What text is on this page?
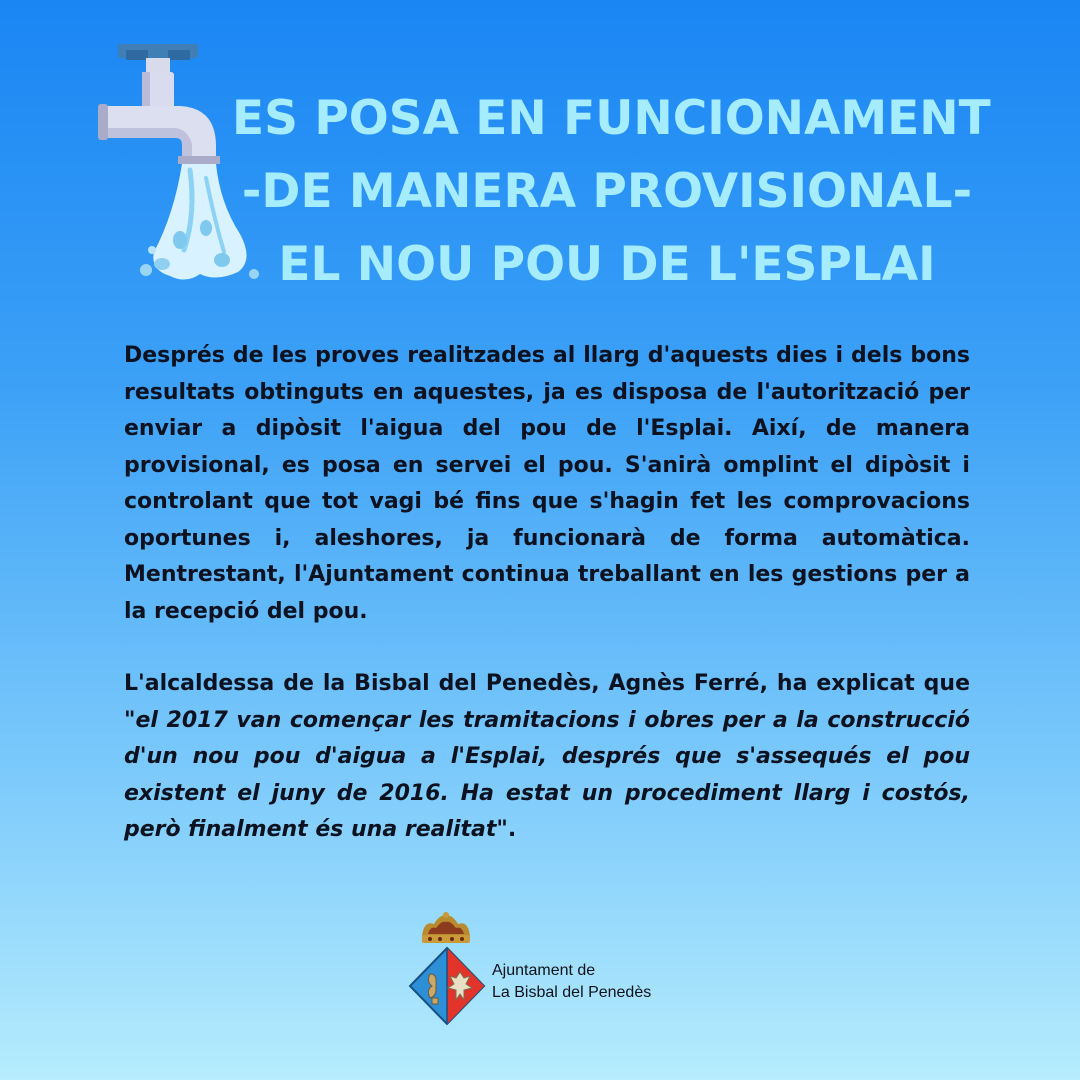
ES POSA EN FUNCIONAMENT
-DE MANERA PROVISIONAL-
EL NOU POU DE L'ESPLAI

Després de les proves realitzades al llarg d'aquests dies i dels bons resultats obtinguts en aquestes, ja es disposa de l'autorització per enviar a dipòsit l'aigua del pou de l'Esplai. Així, de manera provisional, es posa en servei el pou. S'anirà omplint el dipòsit i controlant que tot vagi bé fins que s'hagin fet les comprovacions oportunes i, aleshores, ja funcionarà de forma automàtica. Mentrestant, l'Ajuntament continua treballant en les gestions per a la recepció del pou.

L'alcaldessa de la Bisbal del Penedès, Agnès Ferré, ha explicat que "el 2017 van començar les tramitacions i obres per a la construcció d'un nou pou d'aigua a l'Esplai, després que s'assequés el pou existent el juny de 2016. Ha estat un procediment llarg i costós, però finalment és una realitat".

Ajuntament de
La Bisbal del Penedès
